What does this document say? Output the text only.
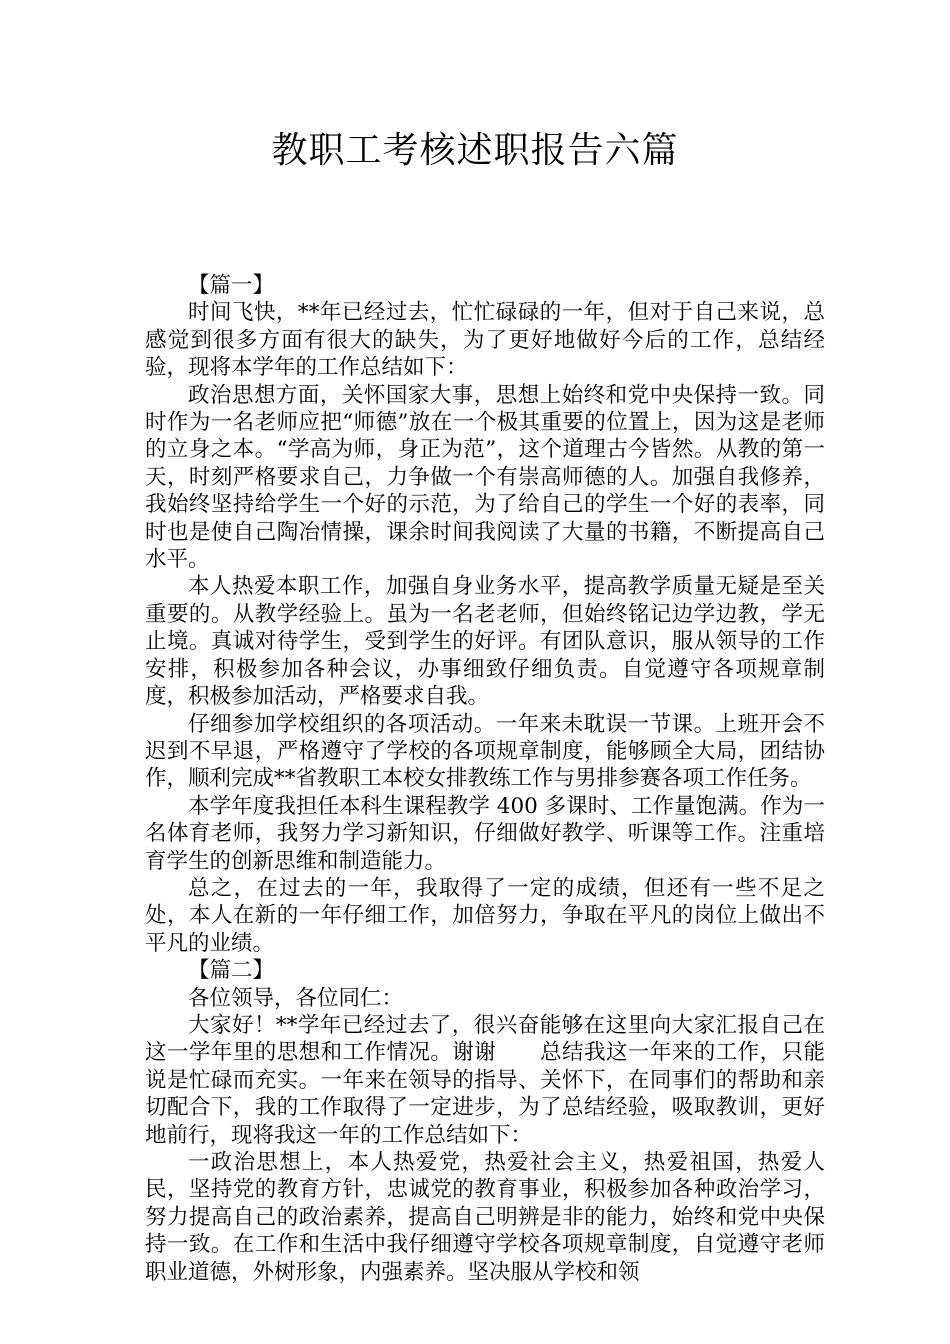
教职工考核述职报告六篇

【篇一】

时间飞快，**年已经过去，忙忙碌碌的一年，但对于自己来说，总感觉到很多方面有很大的缺失，为了更好地做好今后的工作，总结经验，现将本学年的工作总结如下：

政治思想方面，关怀国家大事，思想上始终和党中央保持一致。同时作为一名老师应把“师德”放在一个极其重要的位置上，因为这是老师的立身之本。“学高为师，身正为范”，这个道理古今皆然。从教的第一天，时刻严格要求自己，力争做一个有崇高师德的人。加强自我修养，我始终坚持给学生一个好的示范，为了给自己的学生一个好的表率，同时也是使自己陶冶情操，课余时间我阅读了大量的书籍，不断提高自己水平。

本人热爱本职工作，加强自身业务水平，提高教学质量无疑是至关重要的。从教学经验上。虽为一名老老师，但始终铭记边学边教，学无止境。真诚对待学生，受到学生的好评。有团队意识，服从领导的工作安排，积极参加各种会议，办事细致仔细负责。自觉遵守各项规章制度，积极参加活动，严格要求自我。

仔细参加学校组织的各项活动。一年来未耽误一节课。上班开会不迟到不早退，严格遵守了学校的各项规章制度，能够顾全大局，团结协作，顺利完成**省教职工本校女排教练工作与男排参赛各项工作任务。

本学年度我担任本科生课程教学 400 多课时、工作量饱满。作为一名体育老师，我努力学习新知识，仔细做好教学、听课等工作。注重培育学生的创新思维和制造能力。

总之，在过去的一年，我取得了一定的成绩，但还有一些不足之处，本人在新的一年仔细工作，加倍努力，争取在平凡的岗位上做出不平凡的业绩。

【篇二】

各位领导，各位同仁：

大家好！**学年已经过去了，很兴奋能够在这里向大家汇报自己在这一学年里的思想和工作情况。谢谢　　总结我这一年来的工作，只能说是忙碌而充实。一年来在领导的指导、关怀下，在同事们的帮助和亲切配合下，我的工作取得了一定进步，为了总结经验，吸取教训，更好地前行，现将我这一年的工作总结如下：

一政治思想上，本人热爱党，热爱社会主义，热爱祖国，热爱人民，坚持党的教育方针，忠诚党的教育事业，积极参加各种政治学习，努力提高自己的政治素养，提高自己明辨是非的能力，始终和党中央保持一致。在工作和生活中我仔细遵守学校各项规章制度，自觉遵守老师职业道德，外树形象，内强素养。坚决服从学校和领
